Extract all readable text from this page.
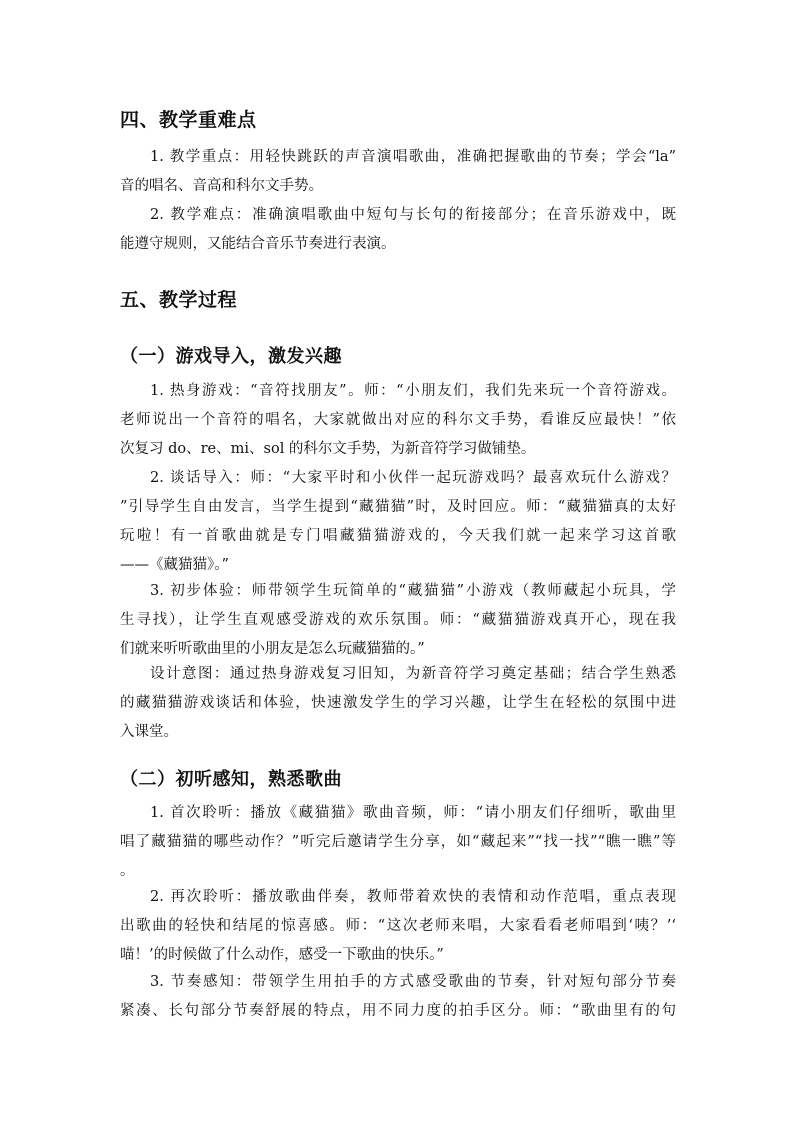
四、教学重难点
1. 教学重点：用轻快跳跃的声音演唱歌曲，准确把握歌曲的节奏；学会“la”
音的唱名、音高和科尔文手势。
2. 教学难点：准确演唱歌曲中短句与长句的衔接部分；在音乐游戏中，既
能遵守规则，又能结合音乐节奏进行表演。
五、教学过程
（一）游戏导入，激发兴趣
1. 热身游戏：“音符找朋友”。师：“小朋友们，我们先来玩一个音符游戏。
老师说出一个音符的唱名，大家就做出对应的科尔文手势，看谁反应最快！”依
次复习 do、re、mi、sol 的科尔文手势，为新音符学习做铺垫。
2. 谈话导入：师：“大家平时和小伙伴一起玩游戏吗？最喜欢玩什么游戏？
”引导学生自由发言，当学生提到“藏猫猫”时，及时回应。师：“藏猫猫真的太好
玩啦！有一首歌曲就是专门唱藏猫猫游戏的，今天我们就一起来学习这首歌
——《藏猫猫》。”
3. 初步体验：师带领学生玩简单的“藏猫猫”小游戏（教师藏起小玩具，学
生寻找），让学生直观感受游戏的欢乐氛围。师：“藏猫猫游戏真开心，现在我
们就来听听歌曲里的小朋友是怎么玩藏猫猫的。”
设计意图：通过热身游戏复习旧知，为新音符学习奠定基础；结合学生熟悉
的藏猫猫游戏谈话和体验，快速激发学生的学习兴趣，让学生在轻松的氛围中进
入课堂。
（二）初听感知，熟悉歌曲
1. 首次聆听：播放《藏猫猫》歌曲音频，师：“请小朋友们仔细听，歌曲里
唱了藏猫猫的哪些动作？”听完后邀请学生分享，如“藏起来”“找一找”“瞧一瞧”等
。
2. 再次聆听：播放歌曲伴奏，教师带着欢快的表情和动作范唱，重点表现
出歌曲的轻快和结尾的惊喜感。师：“这次老师来唱，大家看看老师唱到‘咦？’‘
喵！’的时候做了什么动作，感受一下歌曲的快乐。”
3. 节奏感知：带领学生用拍手的方式感受歌曲的节奏，针对短句部分节奏
紧凑、长句部分节奏舒展的特点，用不同力度的拍手区分。师：“歌曲里有的句
